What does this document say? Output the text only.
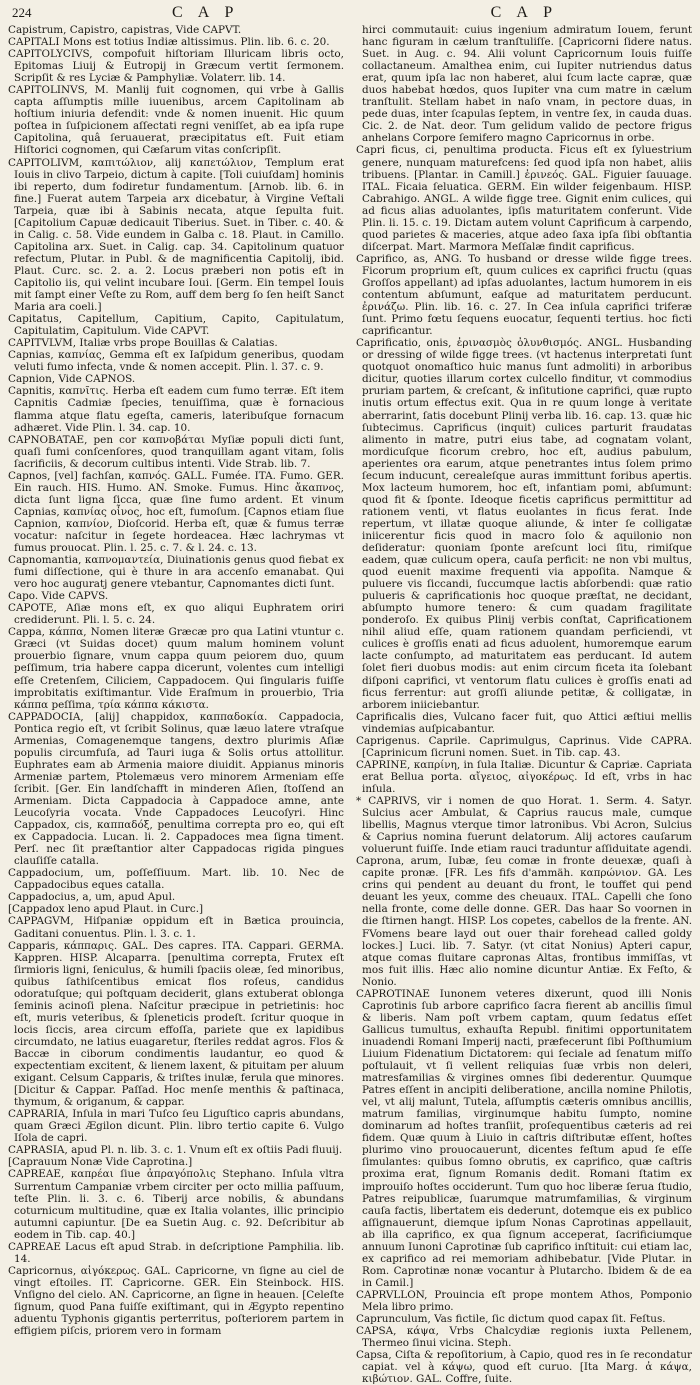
224	C A P	C A P

Capistrum, Capistro, capistras, Vide CAPVT.

CAPITALI Mons est totius Indiæ altissimus. Plin. lib. 6. c. 20.

CAPITOLYCIVS, compofuit hiſtoriam Illuricam libris octo, Epitomas Liuij & Eutropij in Græcum vertit ſermonem. Scripſit & res Lyciæ & Pamphyliæ. Volaterr. lib. 14.

CAPITOLINVS, M. Manlij fuit cognomen, qui vrbe à Gallis capta aſſumptis mille iuuenibus, arcem Capitolinam ab hoſtium iniuria defendit: vnde & nomen inuenit. Hic quum poſtea in ſuſpicionem aſſectati regni veniſſet, ab ea ipſa rupe Capitolina, quâ ſeruauerat, præcipitatus eſt. Fuit etiam Hiſtorici cognomen, qui Cæſarum vitas conſcripſit.

CAPITOLIVM, καπιτώλιον, alij καπετώλιον, Templum erat Iouis in clivo Tarpeio, dictum à capite. [Toli cuiuſdam] hominis ibi reperto, dum fodiretur fundamentum. [Arnob. lib. 6. in fine.] Fuerat autem Tarpeia arx dicebatur, à Virgine Veſtali Tarpeia, quæ ibi à Sabinis necata, atque ſepulta fuit. [Capitolium Capuæ dedicauit Tiberius. Suet. in Tiber. c. 40. & in Calig. c. 58. Vide eundem in Galba c. 18. Plaut. in Camillo. Capitolina arx. Suet. in Calig. cap. 34. Capitolinum quatuor refectum, Plutar. in Publ. & de magnificentia Capitolij, ibid. Plaut. Curc. sc. 2. a. 2. Locus præberi non potis eſt in Capitolio iis, qui velint incubare Ioui. [Germ. Ein tempel Iouis mit ſampt einer Veſte zu Rom, auff dem berg ſo ſen heiſt Sanct Maria ara coeli.]

Capitatus, Capitellum, Capitium, Capito, Capitulatum, Capitulatim, Capitulum. Vide CAPVT.

CAPITVLVM, Italiæ vrbs prope Bouillas & Calatias.

Capnias, καπνίας, Gemma eſt ex Iaſpidum generibus, quodam veluti fumo infecta, vnde & nomen accepit. Plin. l. 37. c. 9.

Capnion, Vide CAPNOS.

Capnitis, καπνῖτις. Herba eſt eadem cum fumo terræ. Eſt item Capnitis Cadmiæ ſpecies, tenuiſſima, quæ è fornacious flamma atque flatu egeſta, cameris, lateribuſque fornacum adhæret. Vide Plin. l. 34. cap. 10.

CAPNOBATAE, pen cor καπνοβάται Myſiæ populi dicti ſunt, quaſi fumi conſcenſores, quod tranquillam agant vitam, ſolis ſacrificiis, & decorum cultibus intenti. Vide Strab. lib. 7.

Capnos, [vel] fachſan, καπνός. GALL. Fumée. ITA. Fumo. GER. Ein rauch. HIS. Humo. AN. Smoke. Fumus. Hinc ἄκαπνος, dicta ſunt ligna ſicca, quæ ſine fumo ardent. Et vinum Capnias, καπνίας οἶνος, hoc eſt, fumoſum. [Capnos etiam ſiue Capnion, καπνίον, Dioſcorid. Herba eſt, quæ & fumus terræ vocatur: naſcitur in ſegete hordeacea. Hæc lachrymas vt fumus prouocat. Plin. l. 25. c. 7. & l. 24. c. 13.

Capnomantia, καπνομαντεία, Diuinationis genus quod fiebat ex fumi diſſectione, qui è thure in ara accenſo emanabat. Qui vero hoc auguratj genere vtebantur, Capnomantes dicti ſunt.

Capo. Vide CAPVS.

CAPOTE, Aſiæ mons eſt, ex quo aliqui Euphratem oriri crediderunt. Pli. l. 5. c. 24.

Cappa, κάππα, Nomen literæ Græcæ pro qua Latini vtuntur c. Græci (vt Suidas docet) quum malum hominem volunt prouerbio ſignare, vnum cappa quum peiorem duo, quum peſſimum, tria habere cappa dicerunt, volentes cum intelligi eſſe Cretenſem, Ciliciem, Cappadocem. Qui ſingularis fuiſſe improbitatis exiſtimantur. Vide Eraſmum in prouerbio, Tria κάππα peſſima, τρία κάππα κάκιστα.

CAPPADOCIA, [alij] chappidox, καππαδοκία. Cappadocia, Pontica regio eſt, vt ſcribit Solinus, quæ læuo latere vtraſque Armenias, Comagenemque tangens, dextro plurimis Aſiæ populis circumfuſa, ad Tauri iuga & Solis ortus attollitur. Euphrates eam ab Armenia maiore diuidit. Appianus minoris Armeniæ partem, Ptolemæus vero minorem Armeniam eſſe ſcribit. [Ger. Ein landſchafft in minderen Aſien, ſtoſſend an Armeniam. Dicta Cappadocia à Cappadoce amne, ante Leucoſyria vocata. Vnde Cappadoces Leucoſyri. Hinc Cappadox, cis, καππαδόξ, penultima correpta pro eo, qui eſt ex Cappadocia. Lucan. li. 2. Cappadoces mea ſigna timent. Perſ. nec ſit præſtantior alter Cappadocas rigida pingues clauſiſſe catalla.

Cappadocium, um, poſſeſſiuum. Mart. lib. 10. Nec de Cappadocibus eques catalla.

Cappadocius, a, um, apud Apul.

[Cappadox leno apud Plaut. in Curc.]

CAPPAGVM, Hiſpaniæ oppidum eſt in Bætica prouincia, Gaditani conuentus. Plin. l. 3. c. 1.

Capparis, κάππαρις. GAL. Des capres. ITA. Cappari. GERMA. Kappren. HISP. Alcaparra. [penultima correpta, Frutex eſt ſirmioris ligni, ſeniculus, & humili ſpaciis oleæ, ſed minoribus, quibus ſathiſcentibus emicat flos roſeus, candidus odoratuſque; qui poſtquam deciderit, glans extuberat oblonga ſeminis acinoſi plena. Naſcitur præcipue in petrietinis: hoc eſt, muris veteribus, & ſpleneticis prodeſt. ſcritur quoque in locis ſiccis, area circum effoſſa, pariete que ex lapidibus circumdato, ne latius euagaretur, ſteriles reddat agros. Flos & Baccæ in ciborum condimentis laudantur, eo quod & expectentiam excitent, & lienem laxent, & pituitam per aluum exigant. Celsum Capparis, & triſtes inulæ, ferula que minores. [Dicitur & Cappar. Paſſad. Hoc menſe menthis & paſtinaca, thymum, & origanum, & cappar.

CAPRARIA, Inſula in mari Tuſco ſeu Liguſtico capris abundans, quam Græci Ægilon dicunt. Plin. libro tertio capite 6. Vulgo Iſola de capri.

CAPRASIA, apud Pl. n. lib. 3. c. 1. Vnum eſt ex oſtiis Padi fluuij.

[Caprauum Nonæ Vide Caprotina.]

CAPREAE, καπρέαι ſiue ἀπραγόπολις Stephano. Inſula vltra Surrentum Campaniæ vrbem circiter per octo millia paſſuum, teſte Plin. li. 3. c. 6. Tiberij arce nobilis, & abundans coturnicum multitudine, quæ ex Italia volantes, illic principio autumni capiuntur. [De ea Suetin Aug. c. 92. Deſcribitur ab eodem in Tib. cap. 40.]

CAPREAE Lacus eſt apud Strab. in deſcriptione Pamphilia. lib. 14.

Capricornus, αἰγόκερως. GAL. Capricorne, vn ſigne au ciel de vingt eſtoiles. IT. Capricorne. GER. Ein Steinbock. HIS. Vnſigno del cielo. AN. Capricorne, an ſigne in heauen. [Celeſte ſignum, quod Pana fuiſſe exiſtimant, qui in Ægypto repentino aduentu Typhonis gigantis perterritus, poſteriorem partem in effigiem piſcis, priorem vero in formam

hirci commutauit: cuius ingenium admiratum Iouem, ferunt hanc figuram in cælum tranſtuliſſe. [Capricorni ſidere natus. Suet. in Aug. c. 94. Alii volunt Capricornum Iouis fuiſſe collactaneum. Amalthea enim, cui Iupiter nutriendus datus erat, quum ipſa lac non haberet, alui ſcum lacte capræ, quæ duos habebat hœdos, quos Iupiter vna cum matre in cælum tranſtulit. Stellam habet in naſo vnam, in pectore duas, in pede duas, inter ſcapulas ſeptem, in ventre ſex, in cauda duas. Cic. 2. de Nat. deor. Tum gelidum valido de pectore frigus anhelans Corpore ſemifero magno Capricornus in orbe.

Capri ficus, ci, penultima producta. Ficus eſt ex ſyluestrium genere, nunquam maturefcens: ſed quod ipſa non habet, aliis tribuens. [Plantar. in Camill.] ἐρινεός. GAL. Figuier ſauuage. ITAL. Ficaia ſeluatica. GERM. Ein wilder feigenbaum. HISP. Cabrahigo. ANGL. A wilde figge tree. Gignit enim culices, qui ad ficus alias aduolantes, ipſis maturitatem conferunt. Vide Plin. li. 15. c. 19. Dictam autem volunt Caprificum à carpendo, quod parietes & maceries, atque adeo ſaxa ipſa ſibi obſtantia diſcerpat. Mart. Marmora Meſſalæ findit caprificus.

Caprifico, as, ANG. To husband or dresse wilde figge trees. Ficorum proprium eſt, quum culices ex caprifici fructu (quas Groſſos appellant) ad ipſas aduolantes, lactum humorem in eis contentum abſumunt, eaſque ad maturitatem perducunt. ἐρινάζω. Plin. lib. 16. c. 27. In Cea inſula caprifici triferæ ſunt. Primo fœtu ſequens euocatur, ſequenti tertius. hoc ficti caprificantur.

Caprificatio, onis, ἐρινασμὸς ὀλυνθισμός. ANGL. Husbanding or dressing of wilde figge trees. (vt hactenus interpretati ſunt quotquot onomaſtico huic manus ſunt admoliti) in arboribus dicitur, quoties illarum cortex culcello finditur, vt commodius pruriam partem, & creſcant, & inſitutione caprifici, quæ rupto inutis ortum effectus exit. Qua in re quum longe à veritate aberrarint, ſatis docebunt Plinij verba lib. 16. cap. 13. quæ hic ſubtecimus. Caprificus (inquit) culices parturit fraudatas alimento in matre, putri eius tabe, ad cognatam volant, mordicuſque ficorum crebro, hoc eſt, audius pabulum, aperientes ora earum, atque penetrantes intus ſolem primo ſecum inducunt, cerealeſque auras immittunt foribus apertis. Mox lacteum humorem, hoc eſt, infantiam pomi, abſumunt: quod fit & ſponte. Ideoque ficetis caprificus permittitur ad rationem venti, vt flatus euolantes in ficus ferat. Inde repertum, vt illatæ quoque aliunde, & inter ſe colligatæ iniicerentur ficis quod in macro ſolo & aquilonio non deſideratur: quoniam ſponte areſcunt loci ſitu, rimiſque eadem, quæ culicum opera, cauſa perficit: ne non vbi multus, quod euenit maxime frequenti via appoſita. Namque & puluere vis ſiccandi, ſuccumque lactis abſorbendi: quæ ratio pulueris & caprificationis hoc quoque præſtat, ne decidant, abſumpto humore tenero: & cum quadam fragilitate ponderoſo. Ex quibus Plinij verbis conſtat, Caprificationem nihil aliud eſſe, quam rationem quandam perficiendi, vt culices è groſſis enati ad ficus aduolent, humoremque earum lacte conſumpto, ad maturitatem eas perducant. Id autem ſolet fieri duobus modis: aut enim circum ficeta ita ſolebant diſponi caprifici, vt ventorum flatu culices è groſſis enati ad ficus ferrentur: aut groſſi aliunde petitæ, & colligatæ, in arborem iniiciebantur.

Caprificalis dies, Vulcano facer fuit, quo Attici æſtiui mellis vindemias auſpicabantur.

Caprigenus. Caprile. Caprimulgus, Caprinus. Vide CAPRA. [Caprinicum ſicruni nomen. Suet. in Tib. cap. 43.

CAPRINE, καπρίνη, in ſula Italiæ. Dicuntur & Capriæ. Capriata erat Bellua porta. αἴγειος, αἰγοκέρως. Id eſt, vrbs in hac inſula.

* CAPRIVS, vir i nomen de quo Horat. 1. Serm. 4. Satyr. Sulcius acer Ambulat, & Caprius raucus male, cumque libellis, Magnus vterque timor latronibus. Vbi Acron, Sulcius & Caprius nomina fuerunt delatorum. Alij actores cauſarum voluerunt fuiſſe. Inde etiam rauci traduntur aſſiduitate agendi.

Caprona, arum, Iubæ, ſeu comæ in fronte deuexæ, quaſi à capite pronæ. [FR. Les fifs d'ammäh. καπρώνιον. GA. Les crins qui pendent au deuant du front, le touffet qui pend deuant les yeux, comme des cheuaux. ITAL. Capelli che ſono nella fronte, come delle donne. GER. Das haar So voornen in die ſtirnen hangt. HISP. Los copetes, cabellos de la frente. AN. FVomens beare layd out ouer thair forehead called goldy lockes.] Luci. lib. 7. Satyr. (vt citat Nonius) Apteri capur, atque comas fluitare capronas Altas, frontibus immiſſas, vt mos fuit illis. Hæc alio nomine dicuntur Antiæ. Ex Feſto, & Nonio.

CAPROTINAE Iunonem veteres dixerunt, quod illi Nonis Caprotinis ſub arbore caprifico ſacra fierent ab ancillis ſimul & liberis. Nam poſt vrbem captam, quum ſedatus eſſet Gallicus tumultus, exhauſta Republ. finitimi opportunitatem inuadendi Romani Imperij nacti, præfecerunt ſibi Poſthumium Liuium Fidenatium Dictatorem: qui ſeciale ad ſenatum miſſo poſtulauit, vt ſi vellent reliquias ſuæ vrbis non deleri, matresfamilias & virgines omnes ſibi dederentur. Quumque Patres eſſent in ancipiti deliberatione, ancilla nomine Philotis, vel, vt alij malunt, Tutela, aſſumptis cæteris omnibus ancillis, matrum familias, virginumque habitu ſumpto, nomine dominarum ad hoſtes tranſiit, proſequentibus cæteris ad rei fidem. Quæ quum à Liuio in caſtris diſtributæ eſſent, hoſtes plurimo vino prouocauerunt, dicentes feſtum apud ſe eſſe ſimulantes: quibus ſomno obrutis, ex caprifico, quæ caſtris proxima erat, ſignum Romanis dedit. Romani ſtatim ex improuiſo hoſtes occiderunt. Tum quo hoc liberæ ſerua ſtudio, Patres reipublicæ, ſuarumque matrumfamilias, & virginum cauſa factis, libertatem eis dederunt, dotemque eis ex publico aſſignauerunt, diemque ipſum Nonas Caprotinas appellauit, ab illa caprifico, ex qua ſignum acceperat, ſacrificiumque annuum Iunoni Caprotinæ ſub caprifico inſtituit: cui etiam lac, ex caprifico ad rei memoriam adhibebatur. [Vide Plutar. in Rom. Caprotinæ nonæ vocantur à Plutarcho. Ibidem & de ea in Camil.]

CAPRVLLON, Prouincia eſt prope montem Athos, Pomponio Mela libro primo.

Caprunculum, Vas fictile, ſic dictum quod capax ſit. Feſtus.

CAPSA, κάψα, Vrbs Chalcydiæ regionis iuxta Pellenem, Thermeo ſinui vicina. Steph.

Capsa, Ciſta & repoſitorium, à Capio, quod res in ſe recondatur capiat. vel à κάψω, quod eſt curuo. [Ita Marg. ἀ κάψα, κιβώτιον. GAL. Coffre, ſuite.
